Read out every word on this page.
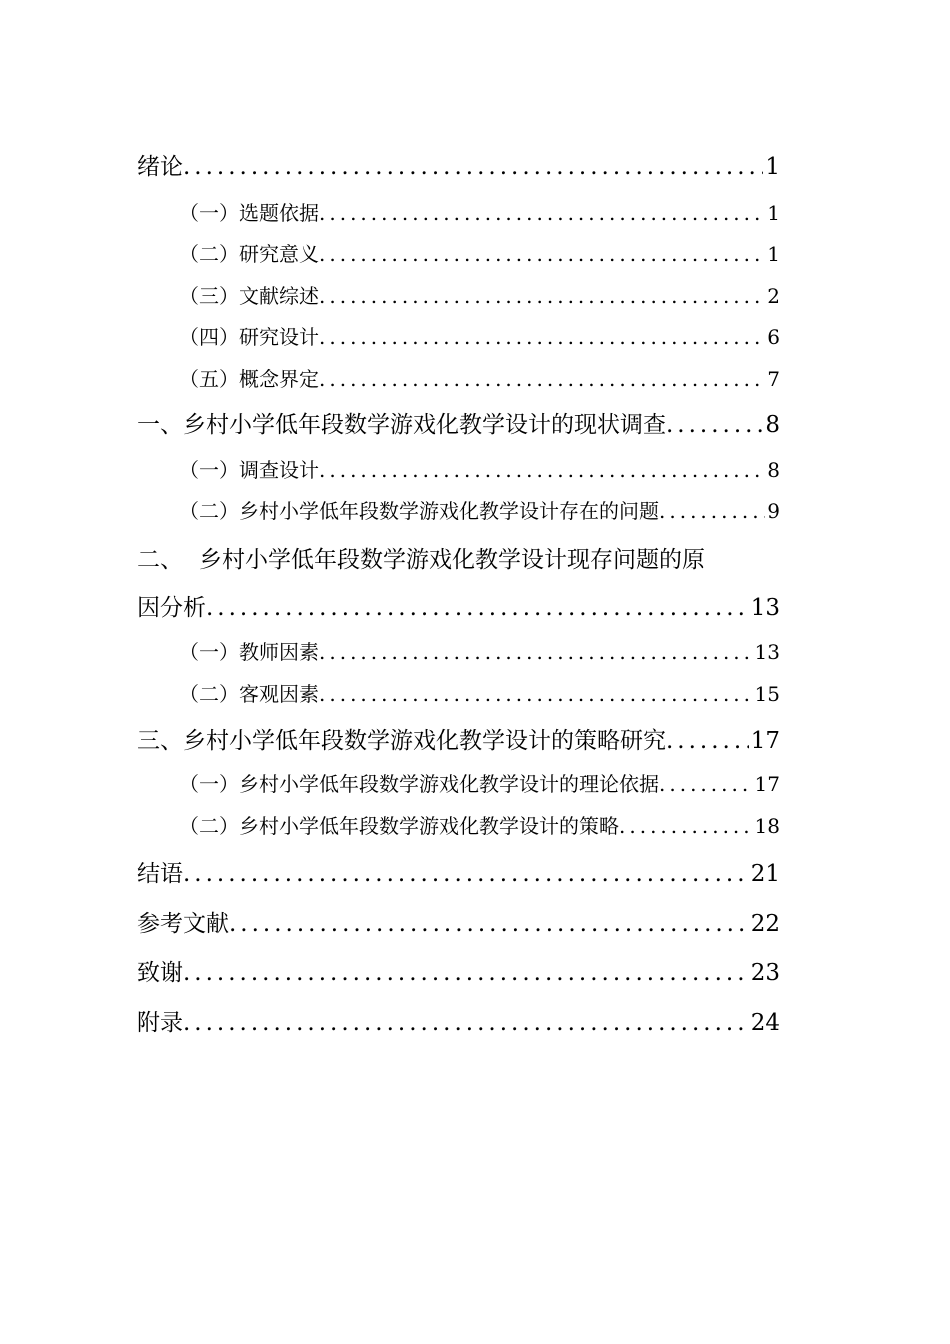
绪论 .....	1
（一） 选题依据 .....	1
（二） 研究意义 .....	1
（三） 文献综述 .....	2
（四） 研究设计 .....	6
（五） 概念界定 .....	7
一、 乡村小学低年段数学游戏化教学设计的现状调查 .....	8
（一） 调查设计 .....	8
（二） 乡村小学低年段数学游戏化教学设计存在的问题 .....	9
二、 乡村小学低年段数学游戏化教学设计现存问题的原
因分析 .....	13
（一） 教师因素 .....	13
（二） 客观因素 .....	15
三、 乡村小学低年段数学游戏化教学设计的策略研究 .....	17
（一） 乡村小学低年段数学游戏化教学设计的理论依据 .....	17
（二） 乡村小学低年段数学游戏化教学设计的策略 .....	18
结语 .....	21
参考文献 .....	22
致谢 .....	23
附录 .....	24
